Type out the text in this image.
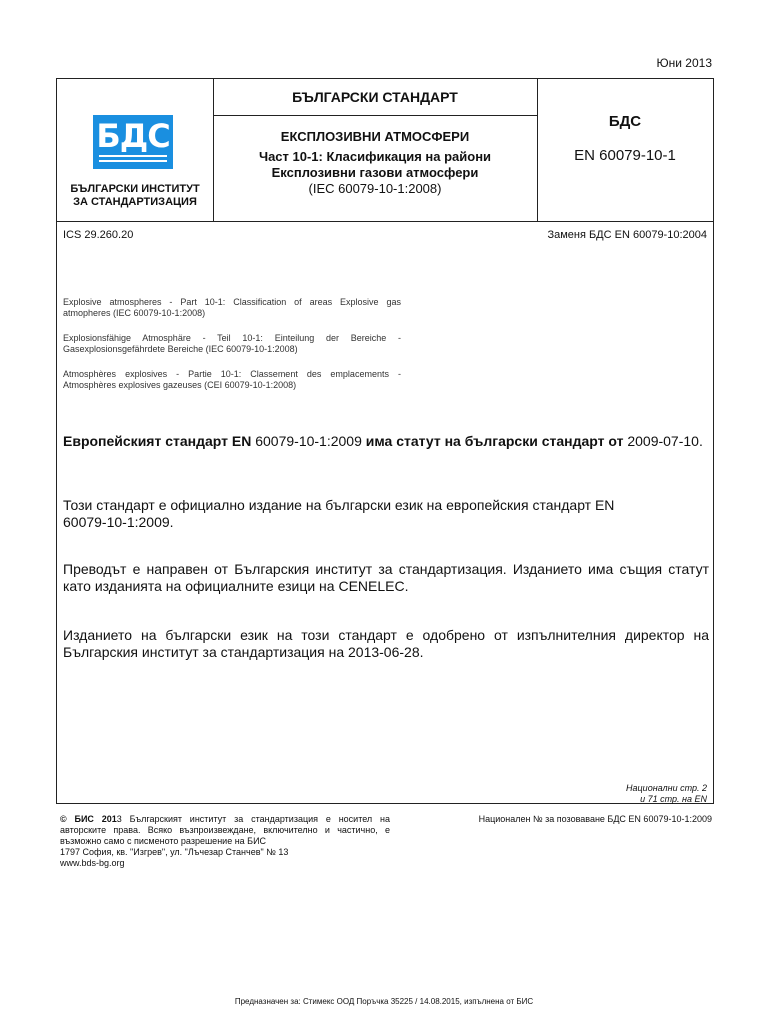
Юни 2013
БДС
БЪЛГАРСКИ ИНСТИТУТ
ЗА СТАНДАРТИЗАЦИЯ
БЪЛГАРСКИ СТАНДАРТ
ЕКСПЛОЗИВНИ АТМОСФЕРИ
Част 10-1: Класификация на райони
Експлозивни газови атмосфери
(IEC 60079-10-1:2008)
БДС
EN 60079-10-1
ICS 29.260.20	Заменя БДС EN 60079-10:2004
Explosive atmospheres - Part 10-1: Classification of areas Explosive gas atmopheres (IEC 60079-10-1:2008)
Explosionsfähige Atmosphäre - Teil 10-1: Einteilung der Bereiche - Gasexplosionsgefährdete Bereiche (IEC 60079-10-1:2008)
Atmosphères explosives - Partie 10-1: Classement des emplacements - Atmosphères explosives gazeuses (CEI 60079-10-1:2008)
Европейският стандарт EN 60079-10-1:2009 има статут на български стандарт от 2009-07-10.
Този стандарт е официално издание на български език на европейския стандарт EN 60079-10-1:2009.
Преводът е направен от Българския институт за стандартизация. Изданието има същия статут като изданията на официалните езици на CENELEC.
Изданието на български език на този стандарт е одобрено от изпълнителния директор на Българския институт за стандартизация на 2013-06-28.
Национални стр. 2
и 71 стр. на EN
© БИС 2013 Българският институт за стандартизация е носител на авторските права. Всяко възпроизвеждане, включително и частично, е възможно само с писменото разрешение на БИС
1797 София, кв. "Изгрев", ул. "Лъчезар Станчев" № 13
www.bds-bg.org
Национален № за позоваване БДС EN 60079-10-1:2009
Предназначен за: Стимекс ООД Поръчка 35225 / 14.08.2015, изпълнена от БИС
